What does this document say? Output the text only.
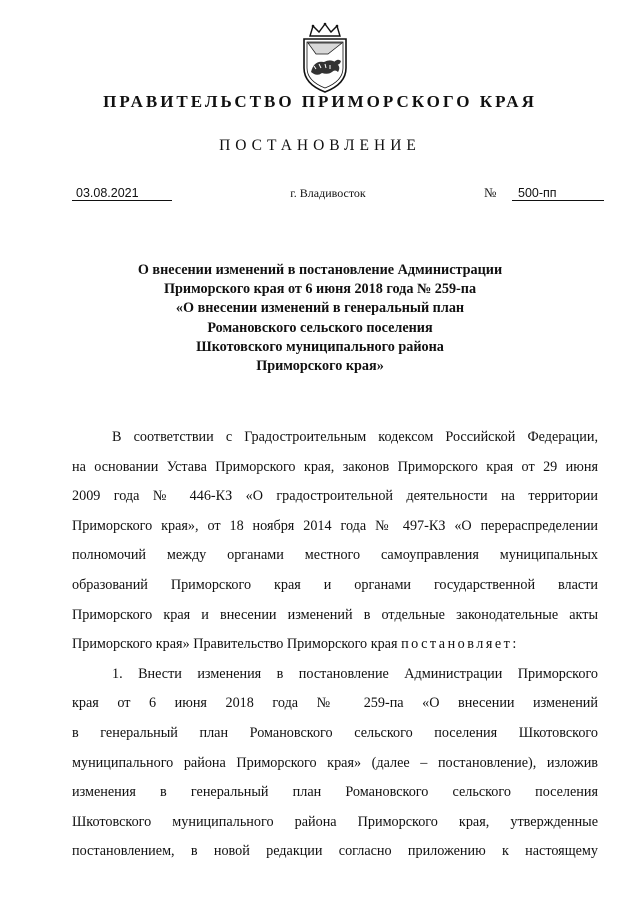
ПРАВИТЕЛЬСТВО ПРИМОРСКОГО КРАЯ
ПОСТАНОВЛЕНИЕ
03.08.2021	г. Владивосток	№	500-пп
О внесении изменений в постановление Администрации
Приморского края от 6 июня 2018 года № 259-па
«О внесении изменений в генеральный план
Романовского сельского поселения
Шкотовского муниципального района
Приморского края»
В соответствии с Градостроительным кодексом Российской Федерации,
на основании Устава Приморского края, законов Приморского края от 29 июня
2009 года № 446-КЗ «О градостроительной деятельности на территории
Приморского края», от 18 ноября 2014 года № 497-КЗ «О перераспределении
полномочий между органами местного самоуправления муниципальных
образований Приморского края и органами государственной власти
Приморского края и внесении изменений в отдельные законодательные акты
Приморского края» Правительство Приморского края постановляет:
1. Внести изменения в постановление Администрации Приморского
края от 6 июня 2018 года № 259-па «О внесении изменений
в генеральный план Романовского сельского поселения Шкотовского
муниципального района Приморского края» (далее – постановление), изложив
изменения в генеральный план Романовского сельского поселения
Шкотовского муниципального района Приморского края, утвержденные
постановлением, в новой редакции согласно приложению к настоящему
